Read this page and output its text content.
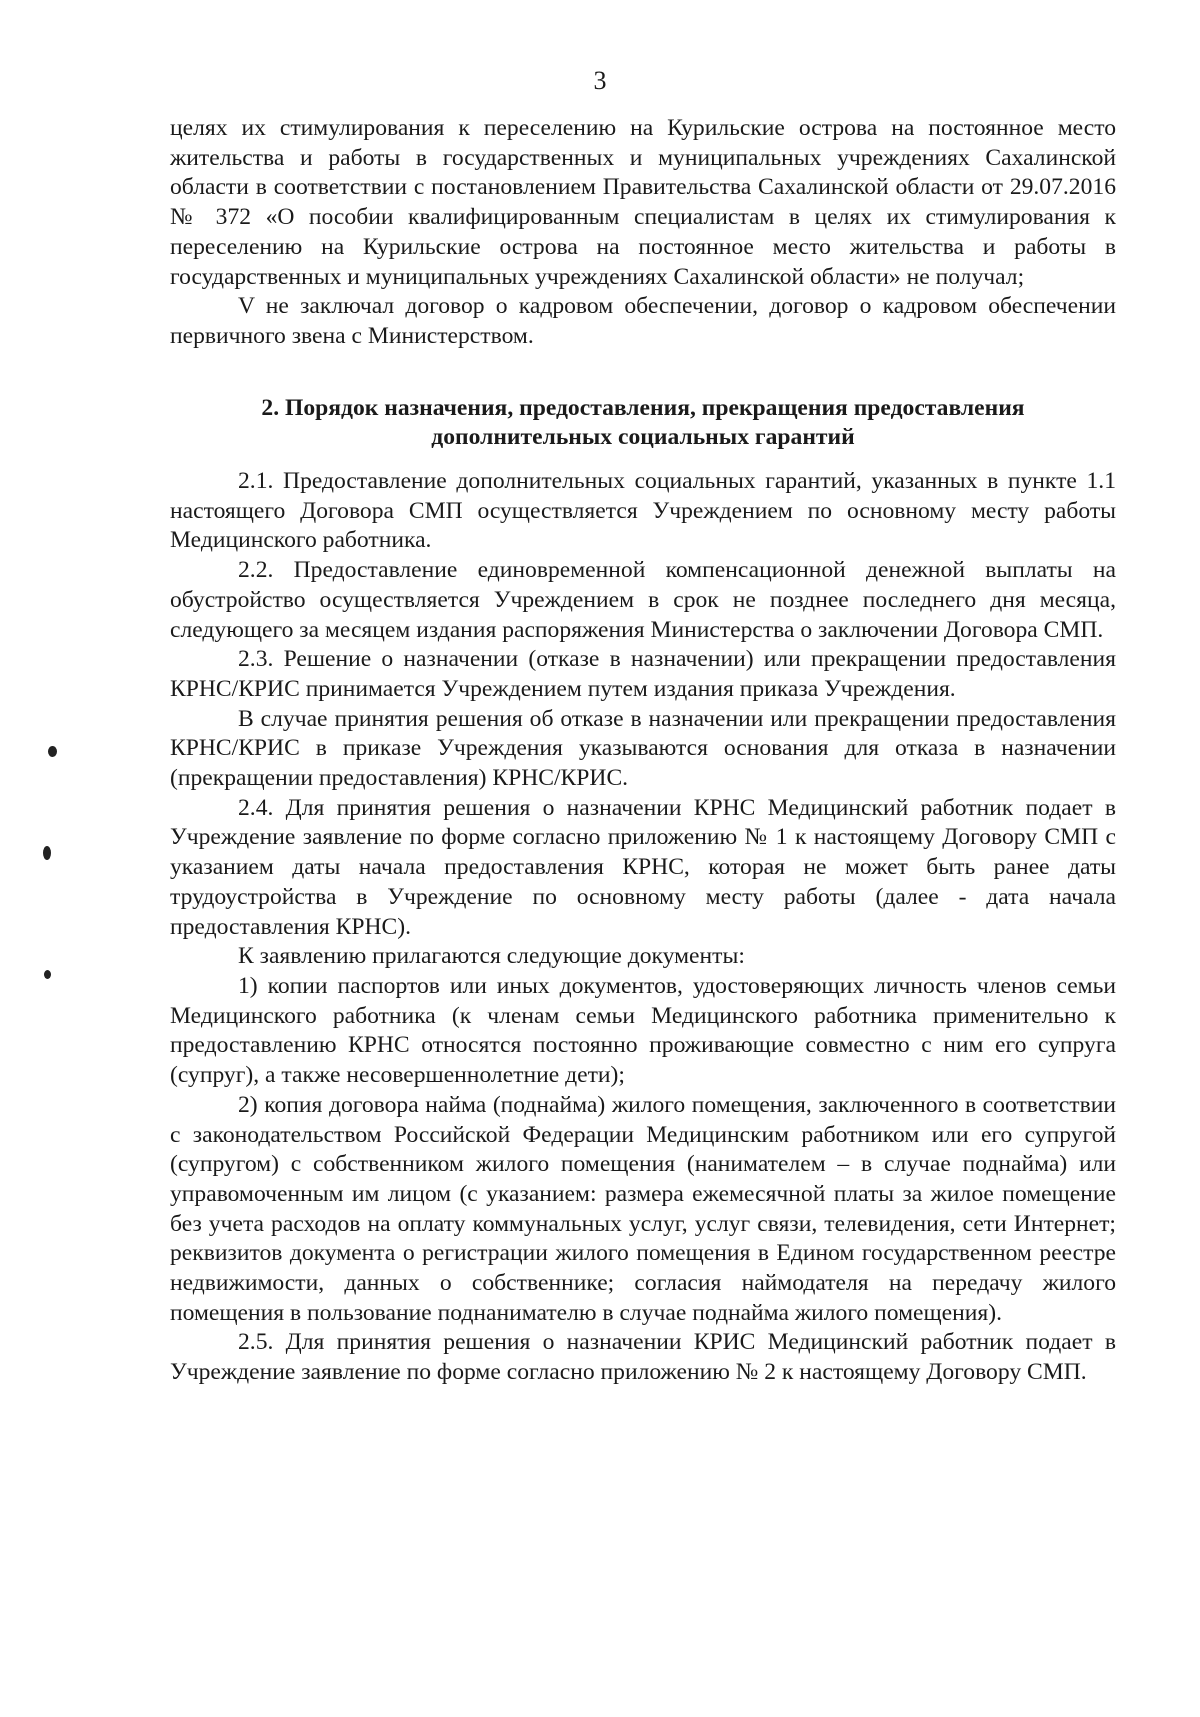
3

целях их стимулирования к переселению на Курильские острова на постоянное место жительства и работы в государственных и муниципальных учреждениях Сахалинской области в соответствии с постановлением Правительства Сахалинской области от 29.07.2016 № 372 «О пособии квалифицированным специалистам в целях их стимулирования к переселению на Курильские острова на постоянное место жительства и работы в государственных и муниципальных учреждениях Сахалинской области» не получал;

V не заключал договор о кадровом обеспечении, договор о кадровом обеспечении первичного звена с Министерством.

2. Порядок назначения, предоставления, прекращения предоставления дополнительных социальных гарантий

2.1. Предоставление дополнительных социальных гарантий, указанных в пункте 1.1 настоящего Договора СМП осуществляется Учреждением по основному месту работы Медицинского работника.

2.2. Предоставление единовременной компенсационной денежной выплаты на обустройство осуществляется Учреждением в срок не позднее последнего дня месяца, следующего за месяцем издания распоряжения Министерства о заключении Договора СМП.

2.3. Решение о назначении (отказе в назначении) или прекращении предоставления КРНС/КРИС принимается Учреждением путем издания приказа Учреждения.

В случае принятия решения об отказе в назначении или прекращении предоставления КРНС/КРИС в приказе Учреждения указываются основания для отказа в назначении (прекращении предоставления) КРНС/КРИС.

2.4. Для принятия решения о назначении КРНС Медицинский работник подает в Учреждение заявление по форме согласно приложению № 1 к настоящему Договору СМП с указанием даты начала предоставления КРНС, которая не может быть ранее даты трудоустройства в Учреждение по основному месту работы (далее - дата начала предоставления КРНС).

К заявлению прилагаются следующие документы:

1) копии паспортов или иных документов, удостоверяющих личность членов семьи Медицинского работника (к членам семьи Медицинского работника применительно к предоставлению КРНС относятся постоянно проживающие совместно с ним его супруга (супруг), а также несовершеннолетние дети);

2) копия договора найма (поднайма) жилого помещения, заключенного в соответствии с законодательством Российской Федерации Медицинским работником или его супругой (супругом) с собственником жилого помещения (нанимателем – в случае поднайма) или управомоченным им лицом (с указанием: размера ежемесячной платы за жилое помещение без учета расходов на оплату коммунальных услуг, услуг связи, телевидения, сети Интернет; реквизитов документа о регистрации жилого помещения в Едином государственном реестре недвижимости, данных о собственнике; согласия наймодателя на передачу жилого помещения в пользование поднанимателю в случае поднайма жилого помещения).

2.5. Для принятия решения о назначении КРИС Медицинский работник подает в Учреждение заявление по форме согласно приложению № 2 к настоящему Договору СМП.
